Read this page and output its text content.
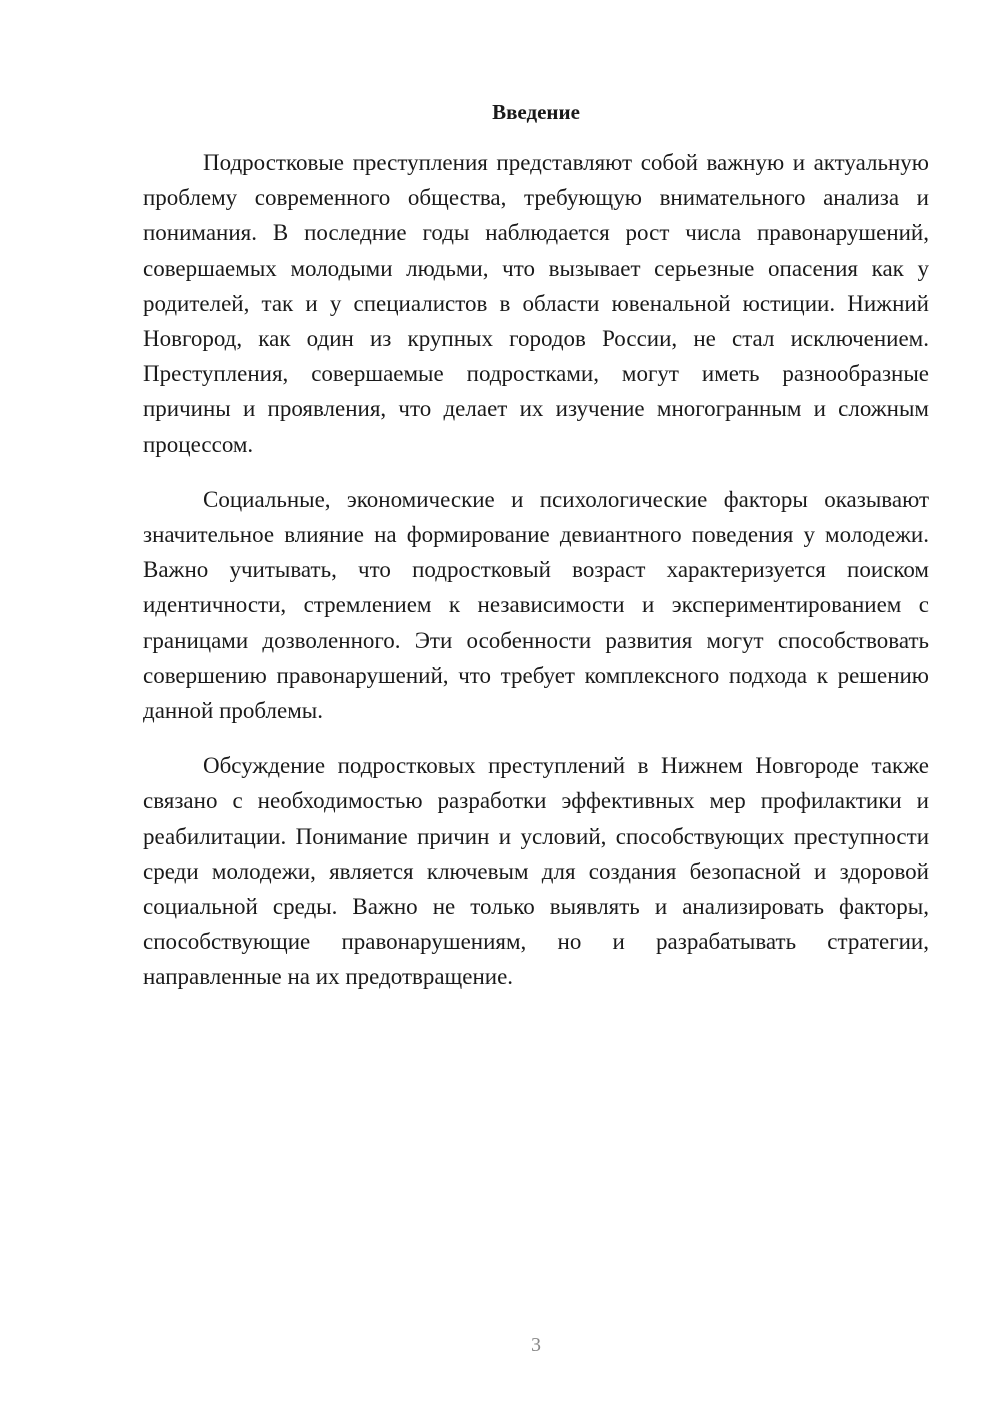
Введение

Подростковые преступления представляют собой важную и актуальную проблему современного общества, требующую внимательного анализа и понимания. В последние годы наблюдается рост числа правонарушений, совершаемых молодыми людьми, что вызывает серьезные опасения как у родителей, так и у специалистов в области ювенальной юстиции. Нижний Новгород, как один из крупных городов России, не стал исключением. Преступления, совершаемые подростками, могут иметь разнообразные причины и проявления, что делает их изучение многогранным и сложным процессом.

Социальные, экономические и психологические факторы оказывают значительное влияние на формирование девиантного поведения у молодежи. Важно учитывать, что подростковый возраст характеризуется поиском идентичности, стремлением к независимости и экспериментированием с границами дозволенного. Эти особенности развития могут способствовать совершению правонарушений, что требует комплексного подхода к решению данной проблемы.

Обсуждение подростковых преступлений в Нижнем Новгороде также связано с необходимостью разработки эффективных мер профилактики и реабилитации. Понимание причин и условий, способствующих преступности среди молодежи, является ключевым для создания безопасной и здоровой социальной среды. Важно не только выявлять и анализировать факторы, способствующие правонарушениям, но и разрабатывать стратегии, направленные на их предотвращение.

3
